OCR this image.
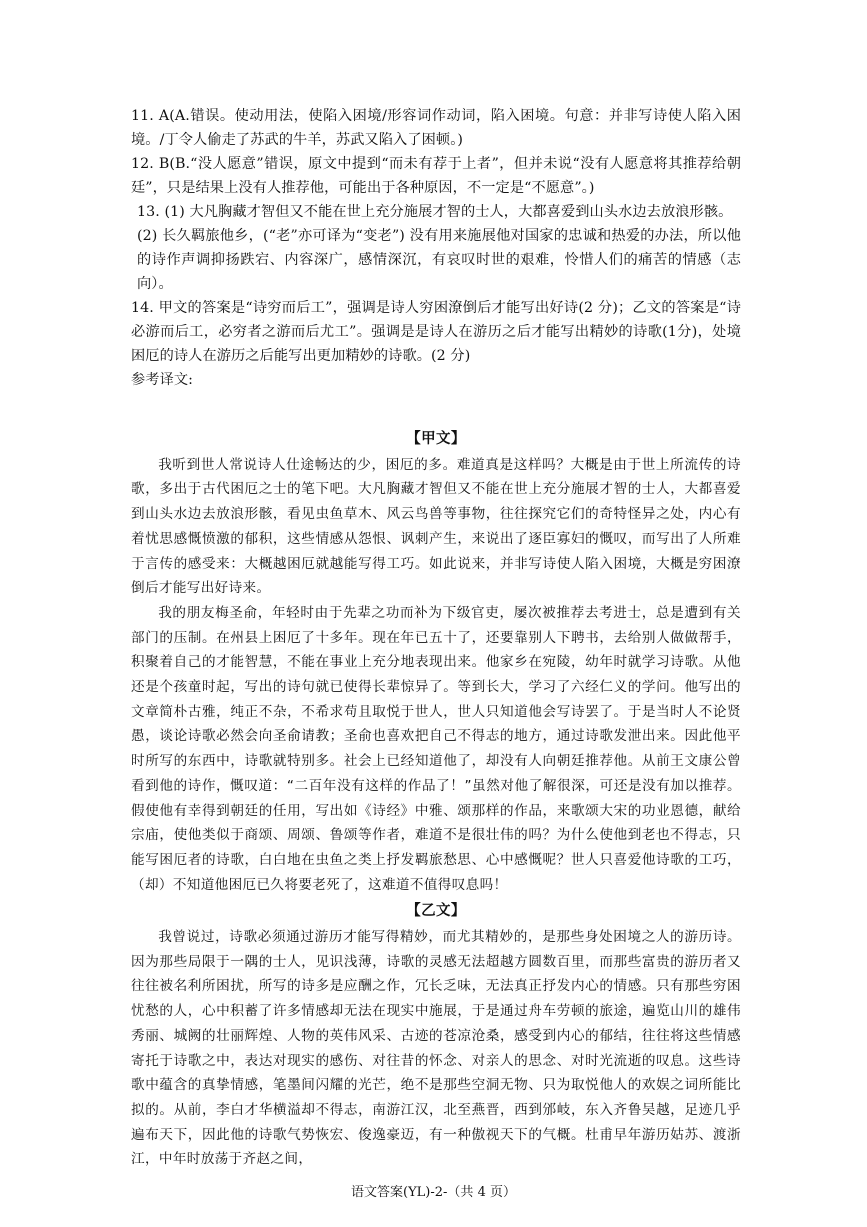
11. A(A.错误。使动用法，使陷入困境/形容词作动词，陷入困境。句意：并非写诗使人陷入困境。/丁令人偷走了苏武的牛羊，苏武又陷入了困顿。)

12. B(B.“没人愿意”错误，原文中提到“而未有荐于上者”，但并未说“没有人愿意将其推荐给朝廷”，只是结果上没有人推荐他，可能出于各种原因，不一定是“不愿意”。)

13. (1) 大凡胸藏才智但又不能在世上充分施展才智的士人，大都喜爱到山头水边去放浪形骸。

(2) 长久羁旅他乡，(“老”亦可译为“变老”) 没有用来施展他对国家的忠诚和热爱的办法，所以他的诗作声调抑扬跌宕、内容深广，感情深沉，有哀叹时世的艰难，怜惜人们的痛苦的情感（志向）。

14. 甲文的答案是“诗穷而后工”，强调是诗人穷困潦倒后才能写出好诗(2 分)；乙文的答案是“诗必游而后工，必穷者之游而后尤工”。强调是是诗人在游历之后才能写出精妙的诗歌(1分)，处境困厄的诗人在游历之后能写出更加精妙的诗歌。(2 分)

参考译文:

【甲文】

我听到世人常说诗人仕途畅达的少，困厄的多。难道真是这样吗？大概是由于世上所流传的诗歌，多出于古代困厄之士的笔下吧。大凡胸藏才智但又不能在世上充分施展才智的士人，大都喜爱到山头水边去放浪形骸，看见虫鱼草木、风云鸟兽等事物，往往探究它们的奇特怪异之处，内心有着忧思感慨愤激的郁积，这些情感从怨恨、讽刺产生，来说出了逐臣寡妇的慨叹，而写出了人所难于言传的感受来：大概越困厄就越能写得工巧。如此说来，并非写诗使人陷入困境，大概是穷困潦倒后才能写出好诗来。

我的朋友梅圣俞，年轻时由于先辈之功而补为下级官吏，屡次被推荐去考进士，总是遭到有关部门的压制。在州县上困厄了十多年。现在年已五十了，还要靠别人下聘书，去给别人做做帮手，积聚着自己的才能智慧，不能在事业上充分地表现出来。他家乡在宛陵，幼年时就学习诗歌。从他还是个孩童时起，写出的诗句就已使得长辈惊异了。等到长大，学习了六经仁义的学问。他写出的文章简朴古雅，纯正不杂，不希求苟且取悦于世人，世人只知道他会写诗罢了。于是当时人不论贤愚，谈论诗歌必然会向圣俞请教；圣俞也喜欢把自己不得志的地方，通过诗歌发泄出来。因此他平时所写的东西中，诗歌就特别多。社会上已经知道他了，却没有人向朝廷推荐他。从前王文康公曾看到他的诗作，慨叹道：“二百年没有这样的作品了！”虽然对他了解很深，可还是没有加以推荐。假使他有幸得到朝廷的任用，写出如《诗经》中雅、颂那样的作品，来歌颂大宋的功业恩德，献给宗庙，使他类似于商颂、周颂、鲁颂等作者，难道不是很壮伟的吗？为什么使他到老也不得志，只能写困厄者的诗歌，白白地在虫鱼之类上抒发羁旅愁思、心中感慨呢？世人只喜爱他诗歌的工巧，（却）不知道他困厄已久将要老死了，这难道不值得叹息吗！

【乙文】

我曾说过，诗歌必须通过游历才能写得精妙，而尤其精妙的，是那些身处困境之人的游历诗。因为那些局限于一隅的士人，见识浅薄，诗歌的灵感无法超越方圆数百里，而那些富贵的游历者又往往被名利所困扰，所写的诗多是应酬之作，冗长乏味，无法真正抒发内心的情感。只有那些穷困忧愁的人，心中积蓄了许多情感却无法在现实中施展，于是通过舟车劳顿的旅途，遍览山川的雄伟秀丽、城阙的壮丽辉煌、人物的英伟风采、古迹的苍凉沧桑，感受到内心的郁结，往往将这些情感寄托于诗歌之中，表达对现实的感伤、对往昔的怀念、对亲人的思念、对时光流逝的叹息。这些诗歌中蕴含的真挚情感，笔墨间闪耀的光芒，绝不是那些空洞无物、只为取悦他人的欢娱之词所能比拟的。从前，李白才华横溢却不得志，南游江汉，北至燕晋，西到邠岐，东入齐鲁吴越，足迹几乎遍布天下，因此他的诗歌气势恢宏、俊逸豪迈，有一种傲视天下的气概。杜甫早年游历姑苏、渡浙江，中年时放荡于齐赵之间，

语文答案(YL)-2-（共 4 页）
